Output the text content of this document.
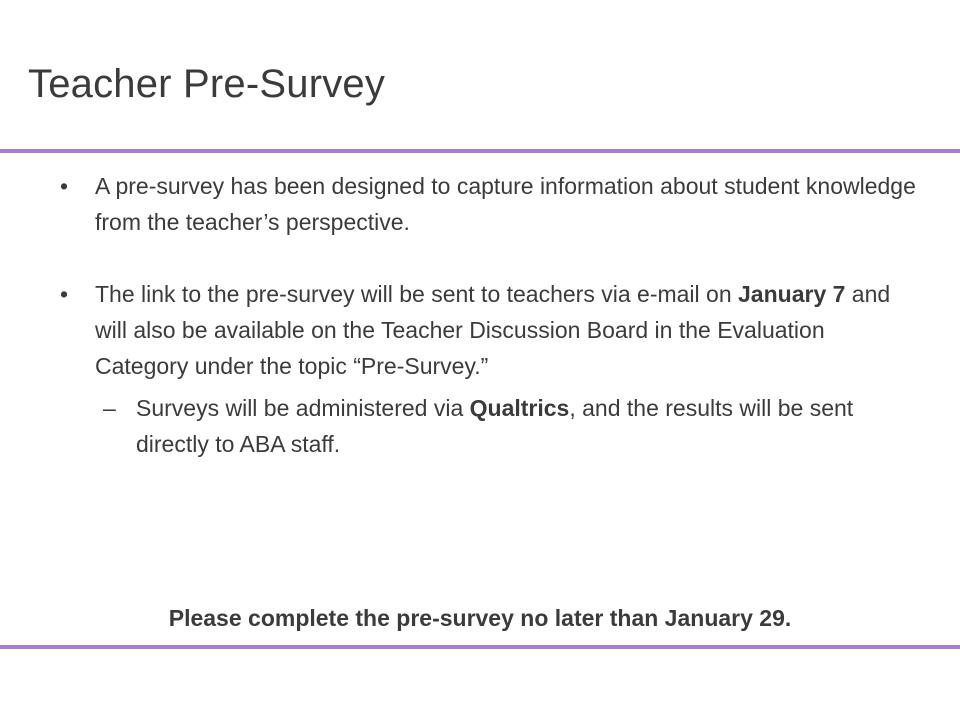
Teacher Pre-Survey

• A pre-survey has been designed to capture information about student knowledge from the teacher’s perspective.

• The link to the pre-survey will be sent to teachers via e-mail on January 7 and will also be available on the Teacher Discussion Board in the Evaluation Category under the topic “Pre-Survey.”

– Surveys will be administered via Qualtrics, and the results will be sent directly to ABA staff.

Please complete the pre-survey no later than January 29.
